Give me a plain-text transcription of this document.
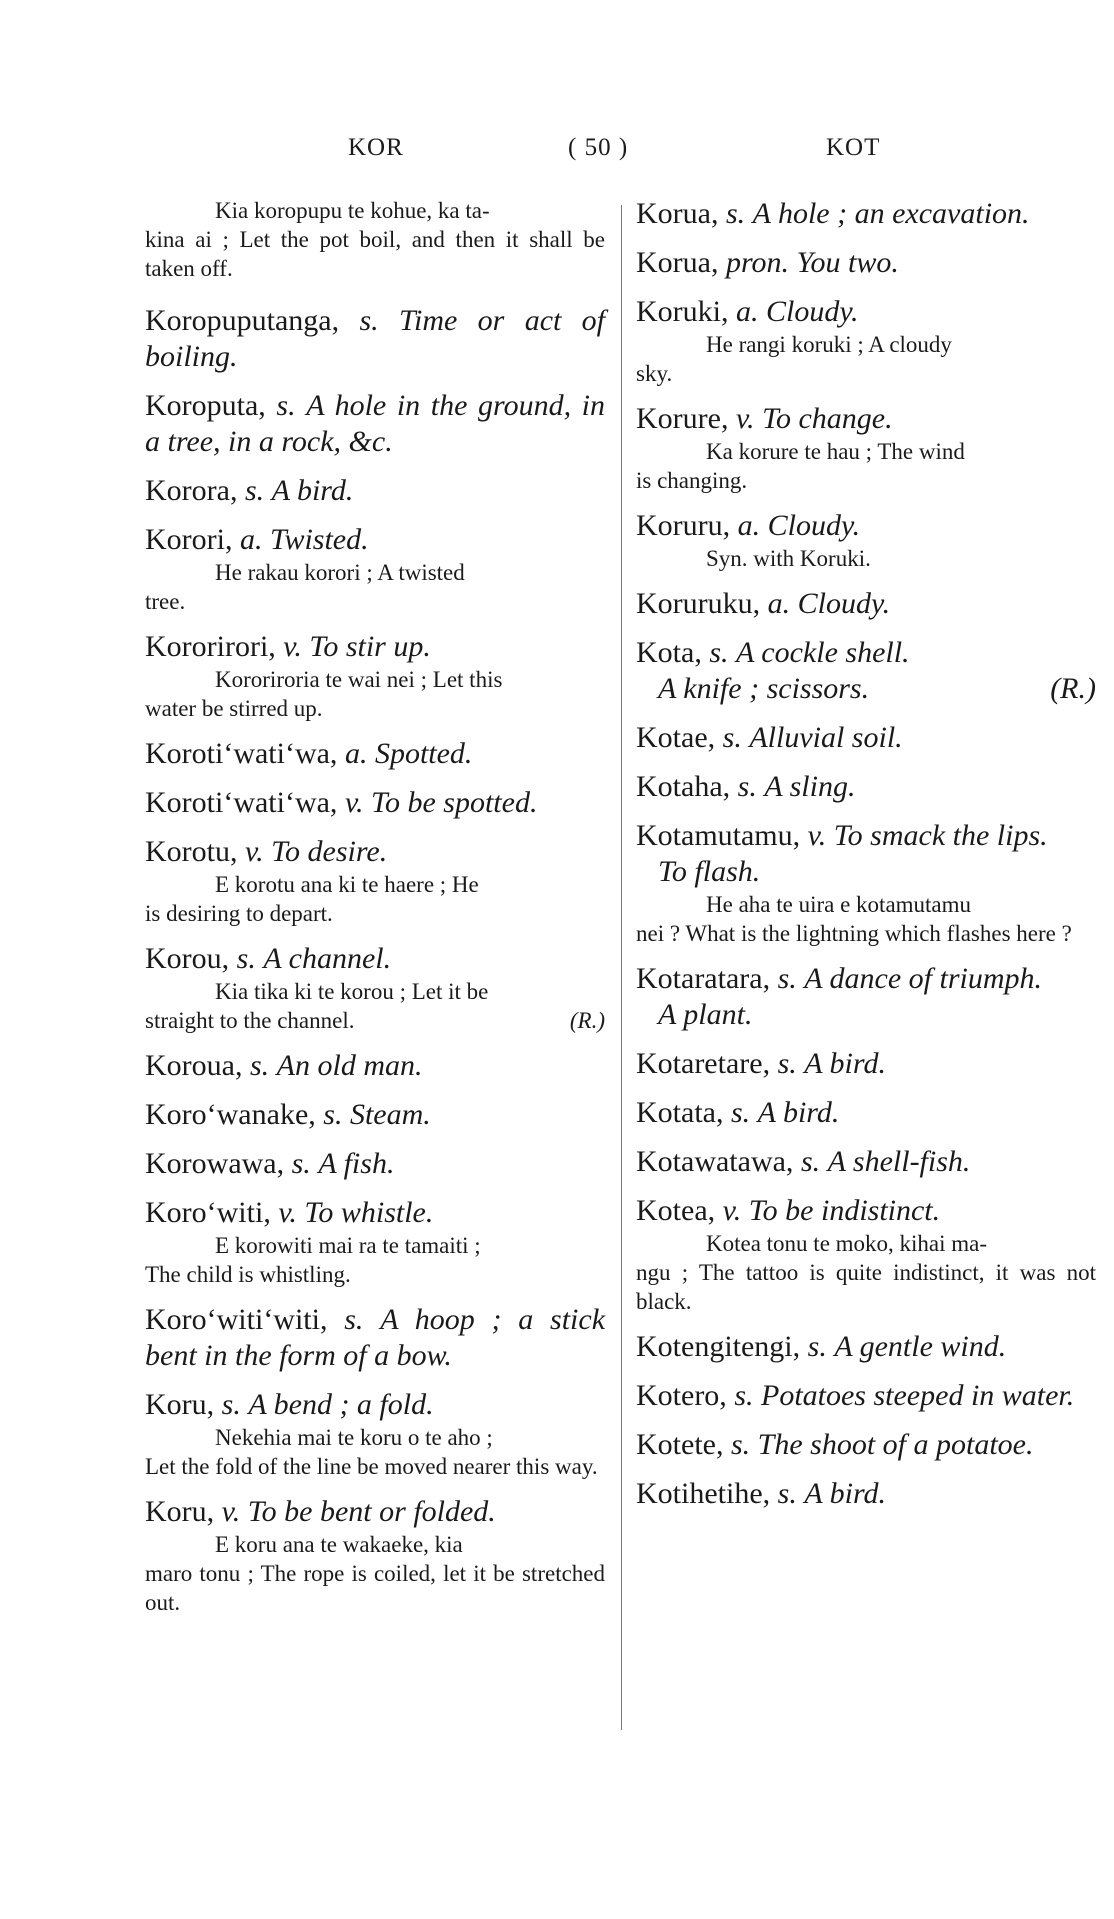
KOR	( 50 )	KOT
Kia koropupu te kohue, ka ta-
kina ai ; Let the pot boil, and then it shall be taken off.
Koropuputanga, s. Time or act of boiling.
Koroputa, s. A hole in the ground, in a tree, in a rock, &c.
Korora, s. A bird.
Korori, a. Twisted.
He rakau korori ; A twisted
tree.
Kororirori, v. To stir up.
Kororiroria te wai nei ; Let this
water be stirred up.
Koroti‘wati‘wa, a. Spotted.
Koroti‘wati‘wa, v. To be spotted.
Korotu, v. To desire.
E korotu ana ki te haere ; He
is desiring to depart.
Korou, s. A channel.
Kia tika ki te korou ; Let it be
straight to the channel.	(R.)
Koroua, s. An old man.
Koro‘wanake, s. Steam.
Korowawa, s. A fish.
Koro‘witi, v. To whistle.
E korowiti mai ra te tamaiti ;
The child is whistling.
Koro‘witi‘witi, s. A hoop ; a stick bent in the form of a bow.
Koru, s. A bend ; a fold.
Nekehia mai te koru o te aho ;
Let the fold of the line be moved nearer this way.
Koru, v. To be bent or folded.
E koru ana te wakaeke, kia
maro tonu ; The rope is coiled, let it be stretched out.
Korua, s. A hole ; an excavation.
Korua, pron. You two.
Koruki, a. Cloudy.
He rangi koruki ; A cloudy
sky.
Korure, v. To change.
Ka korure te hau ; The wind
is changing.
Koruru, a. Cloudy.
Syn. with Koruki.
Koruruku, a. Cloudy.
Kota, s. A cockle shell.
A knife ; scissors.	(R.)
Kotae, s. Alluvial soil.
Kotaha, s. A sling.
Kotamutamu, v. To smack the lips.
To flash.
He aha te uira e kotamutamu
nei ? What is the lightning which flashes here ?
Kotaratara, s. A dance of triumph.
A plant.
Kotaretare, s. A bird.
Kotata, s. A bird.
Kotawatawa, s. A shell-fish.
Kotea, v. To be indistinct.
Kotea tonu te moko, kihai ma-
ngu ; The tattoo is quite indistinct, it was not black.
Kotengitengi, s. A gentle wind.
Kotero, s. Potatoes steeped in water.
Kotete, s. The shoot of a potatoe.
Kotihetihe, s. A bird.
